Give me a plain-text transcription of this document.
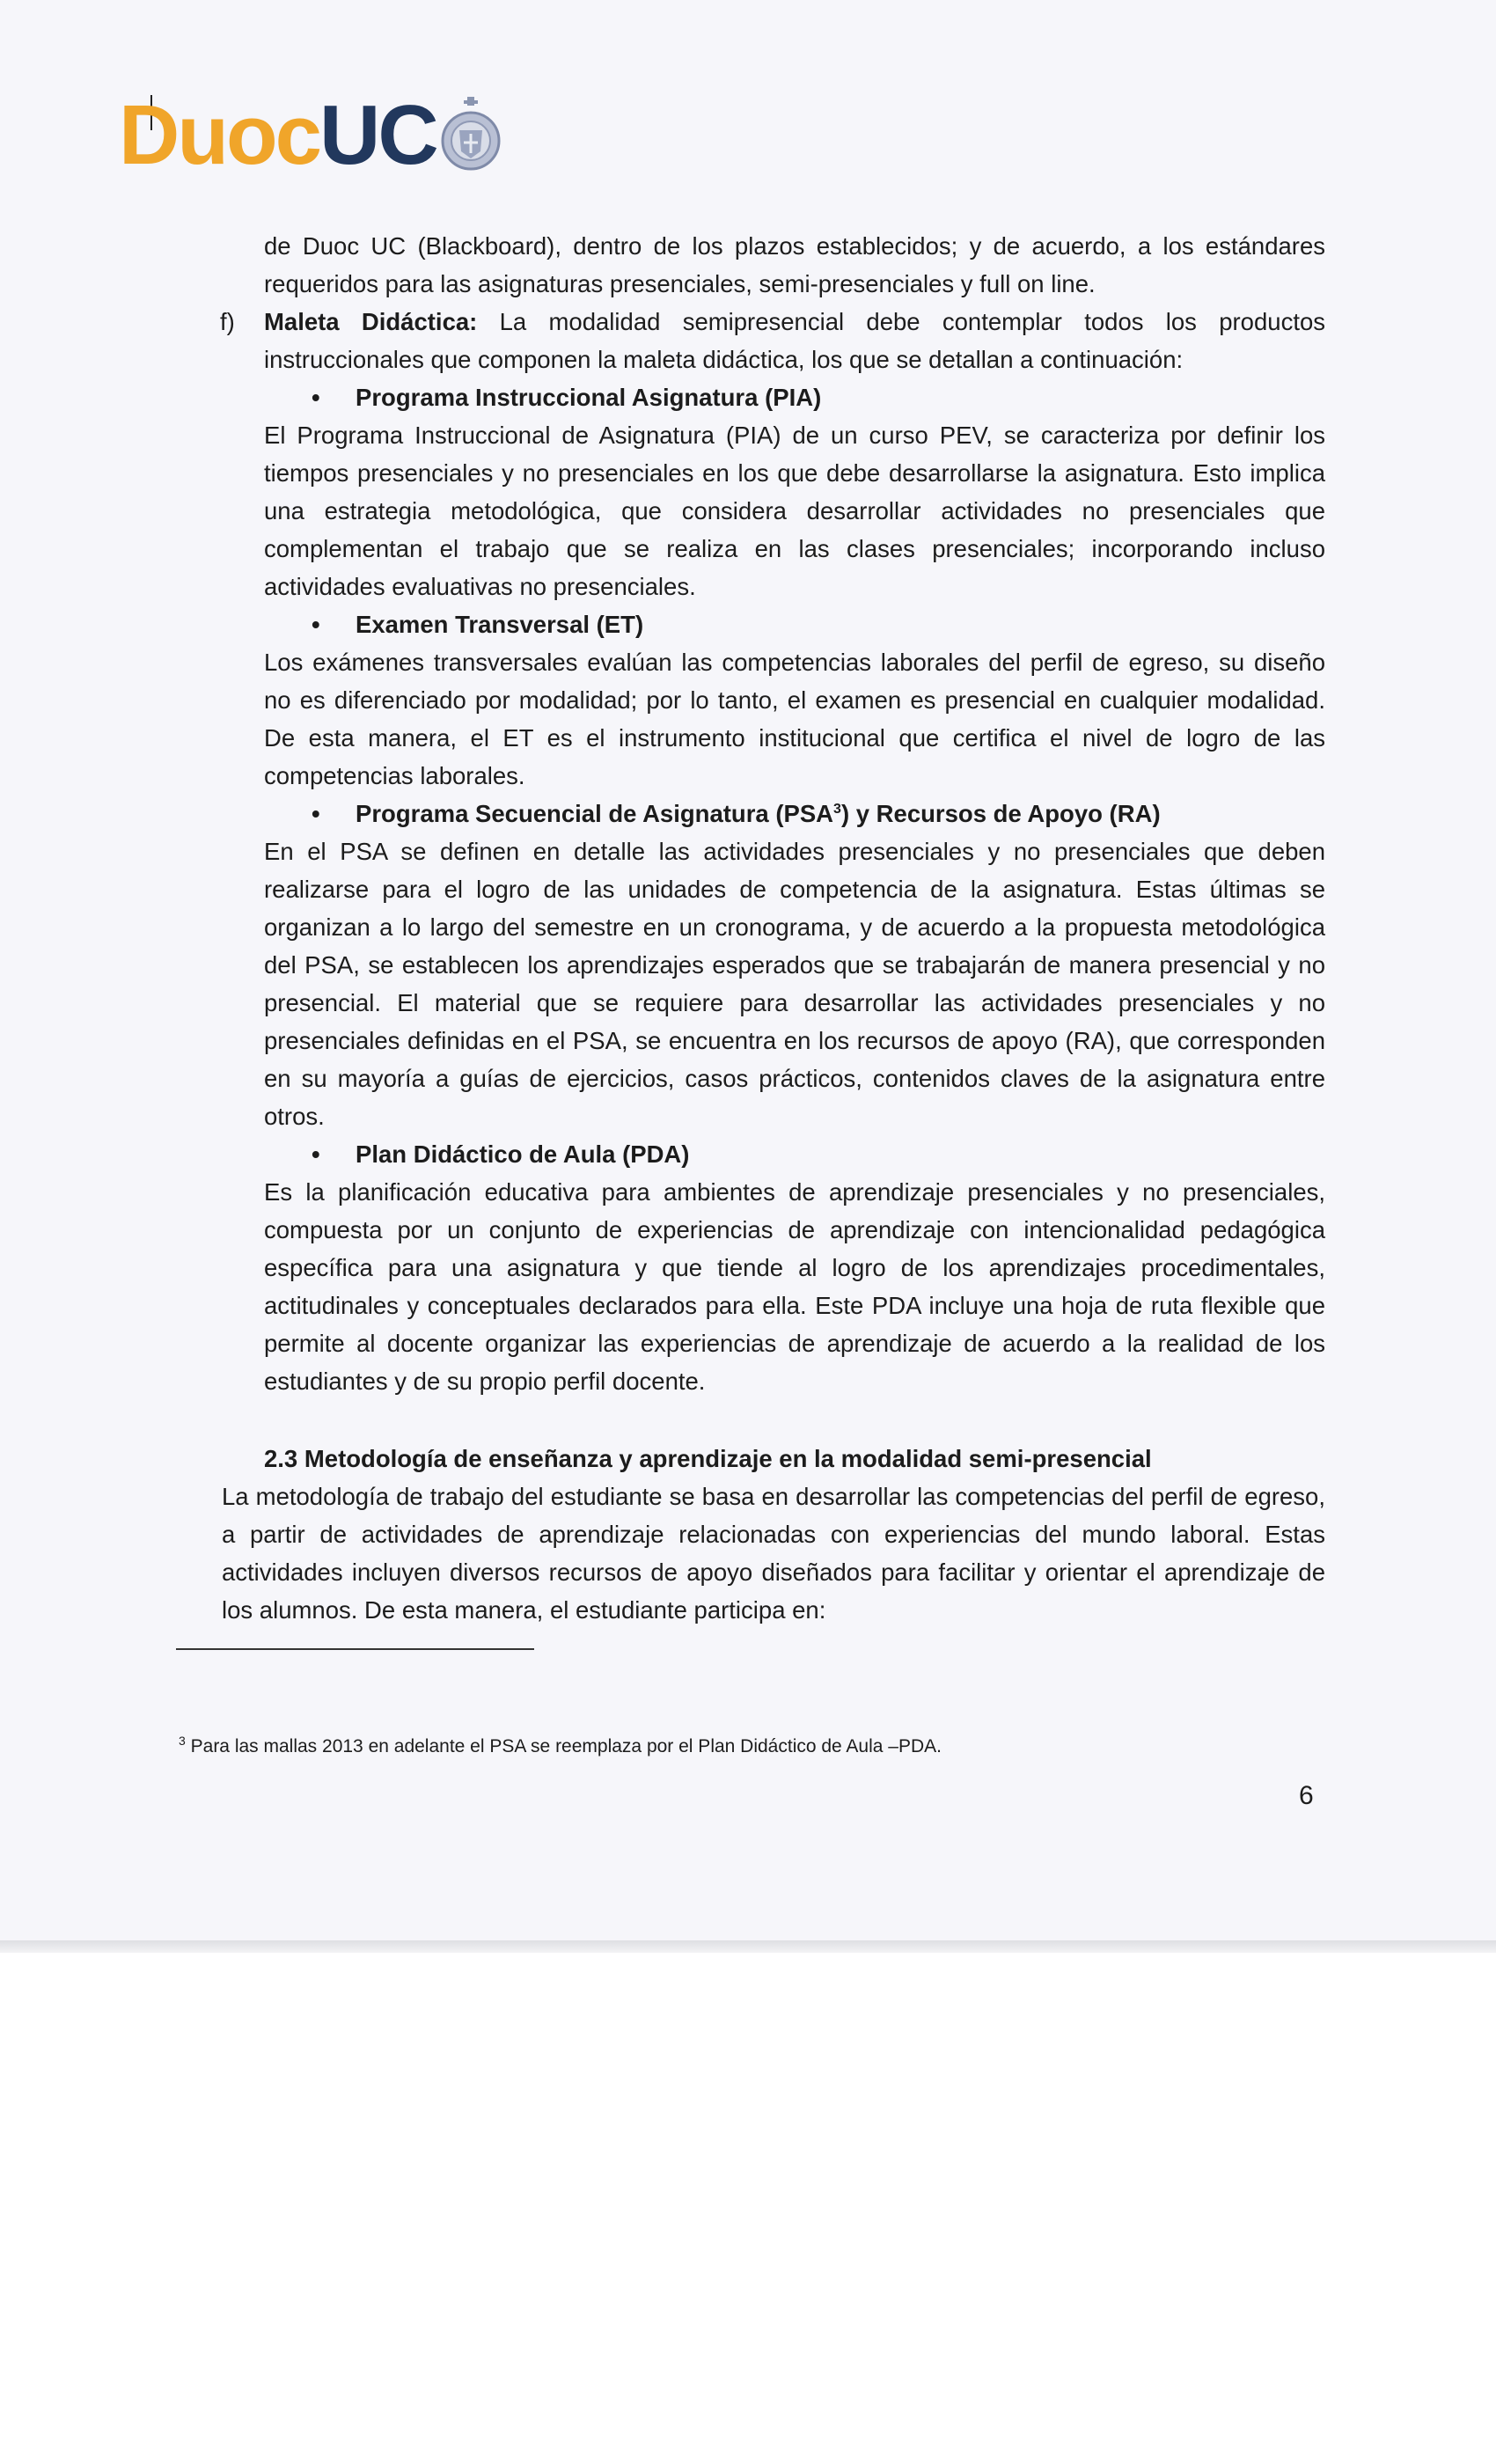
Duoc UC

de Duoc UC (Blackboard), dentro de los plazos establecidos; y de acuerdo, a los estándares requeridos para las asignaturas presenciales, semi-presenciales y full on line.

f) Maleta Didáctica: La modalidad semipresencial debe contemplar todos los productos instruccionales que componen la maleta didáctica, los que se detallan a continuación:

• Programa Instruccional Asignatura (PIA)

El Programa Instruccional de Asignatura (PIA) de un curso PEV, se caracteriza por definir los tiempos presenciales y no presenciales en los que debe desarrollarse la asignatura. Esto implica una estrategia metodológica, que considera desarrollar actividades no presenciales que complementan el trabajo que se realiza en las clases presenciales; incorporando incluso actividades evaluativas no presenciales.

• Examen Transversal (ET)

Los exámenes transversales evalúan las competencias laborales del perfil de egreso, su diseño no es diferenciado por modalidad; por lo tanto, el examen es presencial en cualquier modalidad. De esta manera, el ET es el instrumento institucional que certifica el nivel de logro de las competencias laborales.

• Programa Secuencial de Asignatura (PSA$^3$) y Recursos de Apoyo (RA)

En el PSA se definen en detalle las actividades presenciales y no presenciales que deben realizarse para el logro de las unidades de competencia de la asignatura. Estas últimas se organizan a lo largo del semestre en un cronograma, y de acuerdo a la propuesta metodológica del PSA, se establecen los aprendizajes esperados que se trabajarán de manera presencial y no presencial. El material que se requiere para desarrollar las actividades presenciales y no presenciales definidas en el PSA, se encuentra en los recursos de apoyo (RA), que corresponden en su mayoría a guías de ejercicios, casos prácticos, contenidos claves de la asignatura entre otros.

• Plan Didáctico de Aula (PDA)

Es la planificación educativa para ambientes de aprendizaje presenciales y no presenciales, compuesta por un conjunto de experiencias de aprendizaje con intencionalidad pedagógica específica para una asignatura y que tiende al logro de los aprendizajes procedimentales, actitudinales y conceptuales declarados para ella. Este PDA incluye una hoja de ruta flexible que permite al docente organizar las experiencias de aprendizaje de acuerdo a la realidad de los estudiantes y de su propio perfil docente.

2.3 Metodología de enseñanza y aprendizaje en la modalidad semi-presencial

La metodología de trabajo del estudiante se basa en desarrollar las competencias del perfil de egreso, a partir de actividades de aprendizaje relacionadas con experiencias del mundo laboral. Estas actividades incluyen diversos recursos de apoyo diseñados para facilitar y orientar el aprendizaje de los alumnos. De esta manera, el estudiante participa en:

$^3$ Para las mallas 2013 en adelante el PSA se reemplaza por el Plan Didáctico de Aula –PDA.
6
